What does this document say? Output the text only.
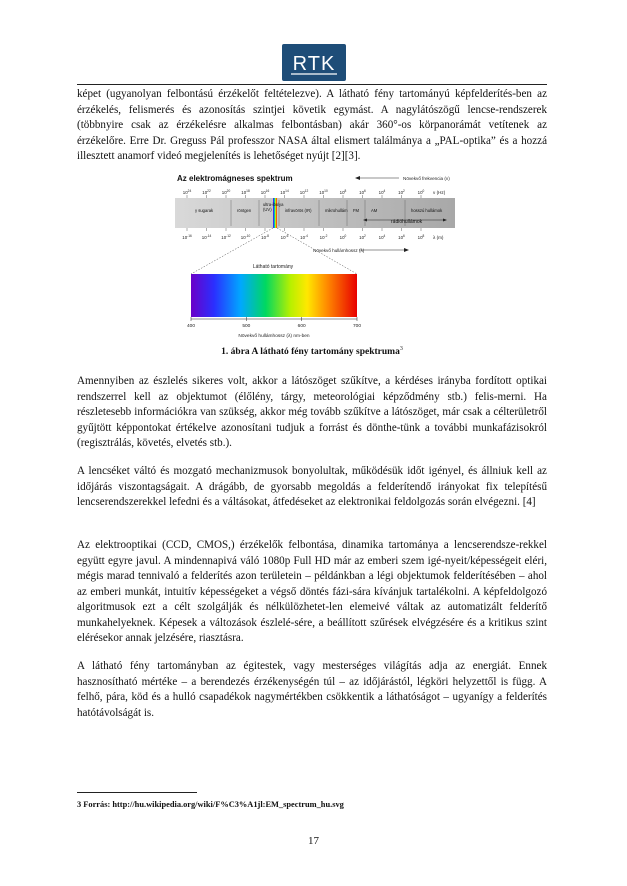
RTK

képet (ugyanolyan felbontású érzékelőt feltételezve). A látható fény tartományú képfelderítés-ben az érzékelés, felismerés és azonosítás szintjei követik egymást. A nagylátószögű lencse-rendszerek (többnyire csak az érzékelésre alkalmas felbontásban) akár 360°-os körpanorámát vetítenek az érzékelőre. Erre Dr. Greguss Pál professzor NASA által elismert találmánya a „PAL-optika” és a hozzá illesztett anamorf videó megjelenítés is lehetőséget nyújt [2][3].

Az elektromágneses spektrum	Növekvő frekvencia (ν)
ν (Hz)
$10^{24}$	$10^{22}$	$10^{20}$	$10^{18}$	$10^{16}$	$10^{14}$	$10^{12}$	$10^{10}$	$10^8$	$10^6$	$10^4$	$10^2$	$10^0$
γ sugarak	röntgen
ultra-ibolya (UV)	infravörös (IR)	mikrohullám FM	AM	hosszú hullámok
rádióhullámok
$10^{-16}$ $10^{-14}$ $10^{-12}$ $10^{-10}$ $10^{-8}$	$10^{-6}$	$10^{-4}$	$10^{-2}$	$10^0$	$10^2$	$10^4$	$10^6$	$10^8$ λ (m)
Növekvő hullámhossz (λ)
Látható tartomány
400	500	600	700
Növekvő hullámhossz (λ) nm-ben
1. ábra A látható fény tartomány spektruma$^3$

Amennyiben az észlelés sikeres volt, akkor a látószöget szűkítve, a kérdéses irányba fordított optikai rendszerrel kell az objektumot (élőlény, tárgy, meteorológiai képződmény stb.) felis-merni. Ha részletesebb információkra van szükség, akkor még tovább szűkítve a látószöget, már csak a célterületről gyűjtött képpontokat értékelve azonosítani tudjuk a forrást és dönthe-tünk a további munkafázisokról (regisztrálás, követés, elvetés stb.).

A lencséket váltó és mozgató mechanizmusok bonyolultak, működésük időt igényel, és állniuk kell az időjárás viszontagságait. A drágább, de gyorsabb megoldás a felderítendő irányokat fix telepítésű lencserendszerekkel lefedni és a váltásokat, átfedéseket az elektronikai feldolgozás során elvégezni. [4]

Az elektrooptikai (CCD, CMOS,) érzékelők felbontása, dinamika tartománya a lencserendsze-rekkel együtt egyre javul. A mindennapivá váló 1080p Full HD már az emberi szem igé-nyeit/képességeit eléri, mégis marad tennivaló a felderítés azon területein – példánkban a légi objektumok felderítésében – ahol az emberi munkát, intuitív képességeket a végső döntés fázi-sára kívánjuk tartalékolni. A képfeldolgozó algoritmusok ezt a célt szolgálják és nélkülözhetet-len elemeivé váltak az automatizált felderítő munkahelyeknek. Képesek a változások észlelé-sére, a beállított szűrések elvégzésére és a kritikus szint elérésekor annak jelzésére, riasztásra.

A látható fény tartományban az égitestek, vagy mesterséges világítás adja az energiát. Ennek hasznosítható mértéke – a berendezés érzékenységén túl – az időjárástól, légköri helyzettől is függ. A felhő, pára, köd és a hulló csapadékok nagymértékben csökkentik a láthatóságot – ugyanígy a felderítés hatótávolságát is.

3 Forrás: http://hu.wikipedia.org/wiki/F%C3%A1jl:EM_spectrum_hu.svg
17
